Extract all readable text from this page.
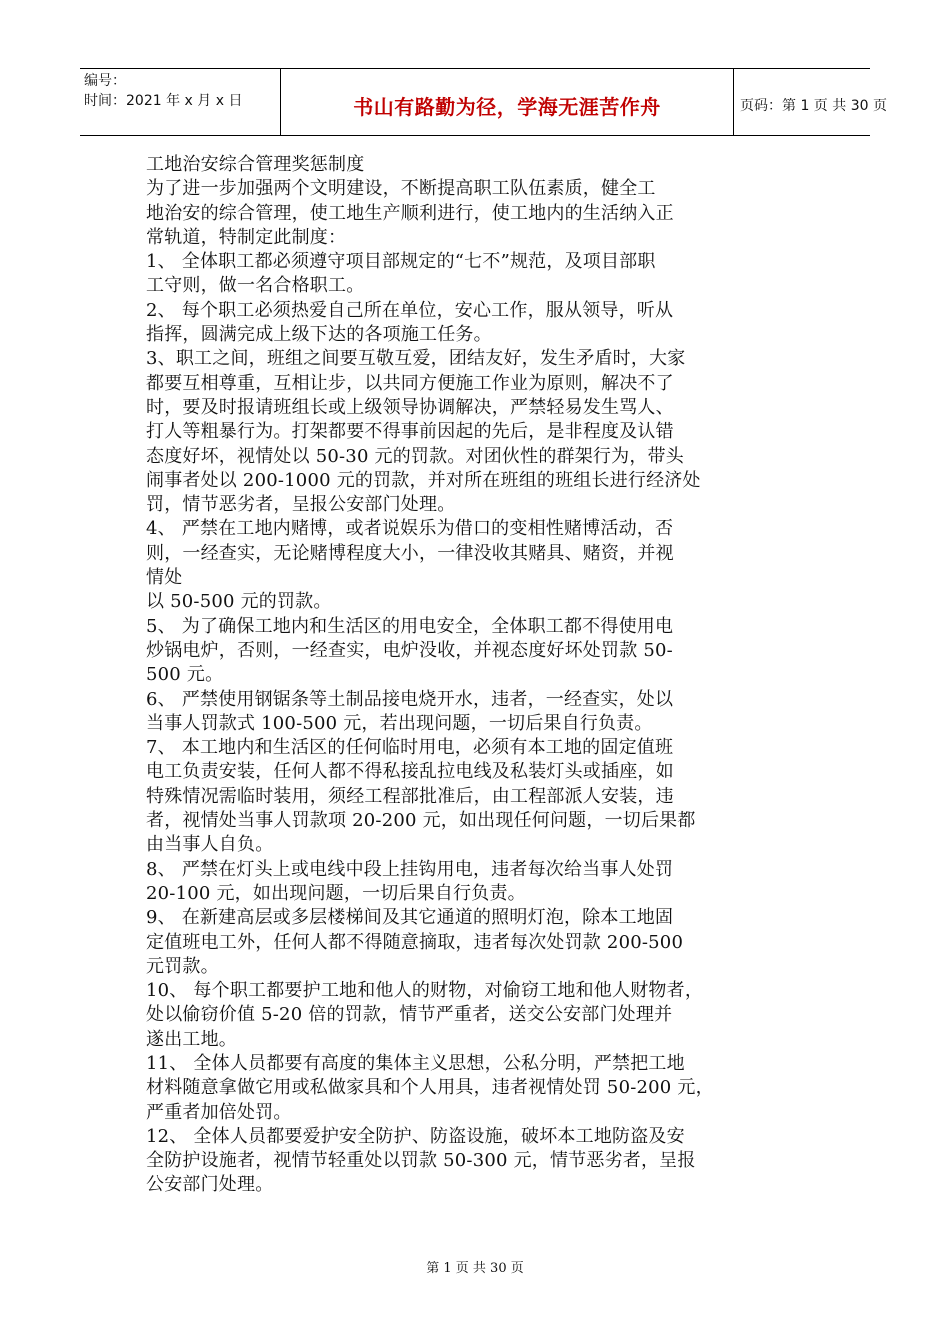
编号：
时间：2021 年 x 月 x 日	书山有路勤为径，学海无涯苦作舟	页码：第 1 页 共 30 页
工地治安综合管理奖惩制度
为了进一步加强两个文明建设，不断提高职工队伍素质，健全工
地治安的综合管理，使工地生产顺利进行，使工地内的生活纳入正
常轨道，特制定此制度：
1、 全体职工都必须遵守项目部规定的“七不”规范，及项目部职
工守则，做一名合格职工。
2、 每个职工必须热爱自己所在单位，安心工作，服从领导，听从
指挥，圆满完成上级下达的各项施工任务。
3、职工之间，班组之间要互敬互爱，团结友好，发生矛盾时，大家
都要互相尊重，互相让步，以共同方便施工作业为原则，解决不了
时，要及时报请班组长或上级领导协调解决，严禁轻易发生骂人、
打人等粗暴行为。打架都要不得事前因起的先后，是非程度及认错
态度好坏，视情处以 50-30 元的罚款。对团伙性的群架行为，带头
闹事者处以 200-1000 元的罚款，并对所在班组的班组长进行经济处
罚，情节恶劣者，呈报公安部门处理。
4、 严禁在工地内赌博，或者说娱乐为借口的变相性赌博活动，否
则，一经查实，无论赌博程度大小，一律没收其赌具、赌资，并视
情处
以 50-500 元的罚款。
5、 为了确保工地内和生活区的用电安全，全体职工都不得使用电
炒锅电炉，否则，一经查实，电炉没收，并视态度好坏处罚款 50-
500 元。
6、 严禁使用钢锯条等土制品接电烧开水，违者，一经查实，处以
当事人罚款式 100-500 元，若出现问题，一切后果自行负责。
7、 本工地内和生活区的任何临时用电，必须有本工地的固定值班
电工负责安装，任何人都不得私接乱拉电线及私装灯头或插座，如
特殊情况需临时装用，须经工程部批准后，由工程部派人安装，违
者，视情处当事人罚款项 20-200 元，如出现任何问题，一切后果都
由当事人自负。
8、 严禁在灯头上或电线中段上挂钩用电，违者每次给当事人处罚
20-100 元，如出现问题，一切后果自行负责。
9、 在新建高层或多层楼梯间及其它通道的照明灯泡，除本工地固
定值班电工外，任何人都不得随意摘取，违者每次处罚款 200-500
元罚款。
10、 每个职工都要护工地和他人的财物，对偷窃工地和他人财物者，
处以偷窃价值 5-20 倍的罚款，情节严重者，送交公安部门处理并
遂出工地。
11、 全体人员都要有高度的集体主义思想，公私分明，严禁把工地
材料随意拿做它用或私做家具和个人用具，违者视情处罚 50-200 元，
严重者加倍处罚。
12、 全体人员都要爱护安全防护、防盗设施，破坏本工地防盗及安
全防护设施者，视情节轻重处以罚款 50-300 元，情节恶劣者，呈报
公安部门处理。
第 1 页 共 30 页
